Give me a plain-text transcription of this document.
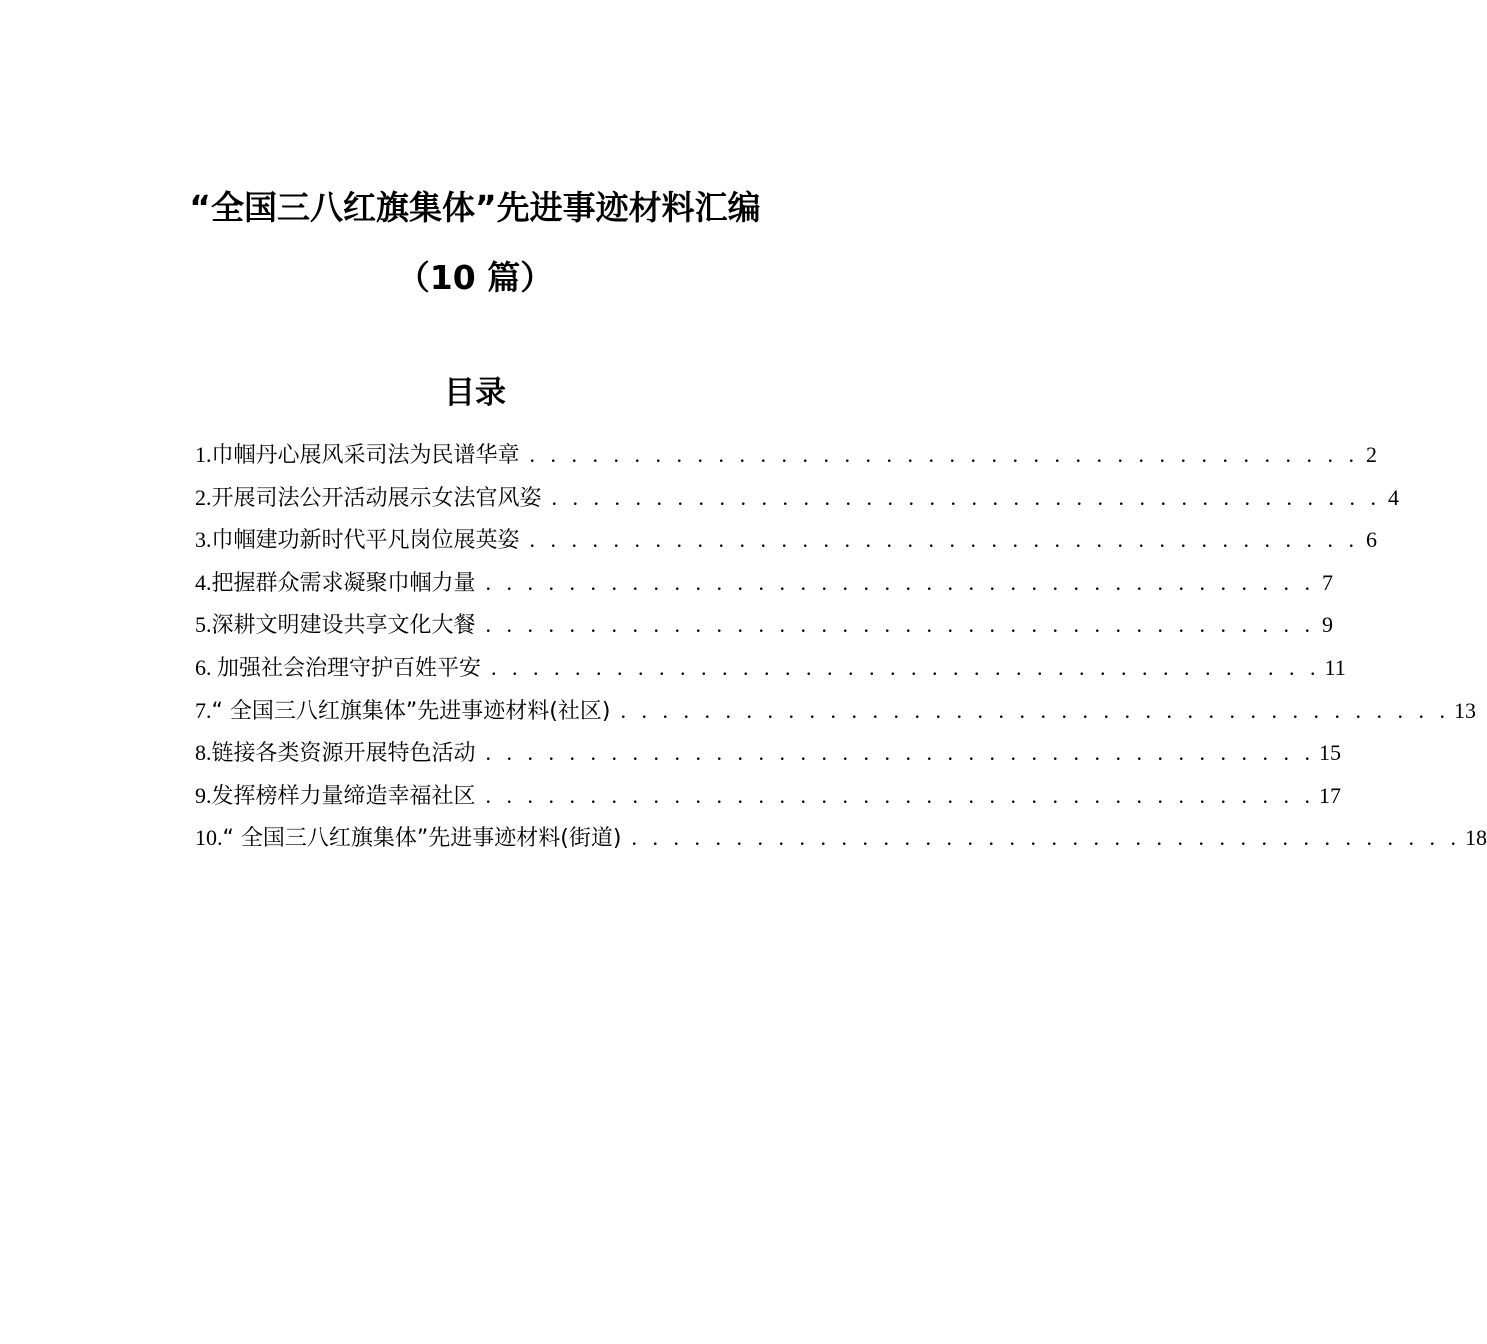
“全国三八红旗集体”先进事迹材料汇编
（10 篇）
目录
1.巾帼丹心展风采司法为民谱华章 . . . . . . . . . . . . . . . . . . . . . . . . . . . . . . . . . . . . . . . . 2
2.开展司法公开活动展示女法官风姿 . . . . . . . . . . . . . . . . . . . . . . . . . . . . . . . . . . . . . . . . 4
3.巾帼建功新时代平凡岗位展英姿 . . . . . . . . . . . . . . . . . . . . . . . . . . . . . . . . . . . . . . . . 6
4.把握群众需求凝聚巾帼力量 . . . . . . . . . . . . . . . . . . . . . . . . . . . . . . . . . . . . . . . . 7
5.深耕文明建设共享文化大餐 . . . . . . . . . . . . . . . . . . . . . . . . . . . . . . . . . . . . . . . . 9
6. 加强社会治理守护百姓平安 . . . . . . . . . . . . . . . . . . . . . . . . . . . . . . . . . . . . . . . . 11
7.“ 全国三八红旗集体”先进事迹材料(社区) . . . . . . . . . . . . . . . . . . . . . . . . . . . . . . . . . . . . . . . . 13
8.链接各类资源开展特色活动 . . . . . . . . . . . . . . . . . . . . . . . . . . . . . . . . . . . . . . . . 15
9.发挥榜样力量缔造幸福社区 . . . . . . . . . . . . . . . . . . . . . . . . . . . . . . . . . . . . . . . . 17
10.“ 全国三八红旗集体”先进事迹材料(街道) . . . . . . . . . . . . . . . . . . . . . . . . . . . . . . . . . . . . . . . . 18
